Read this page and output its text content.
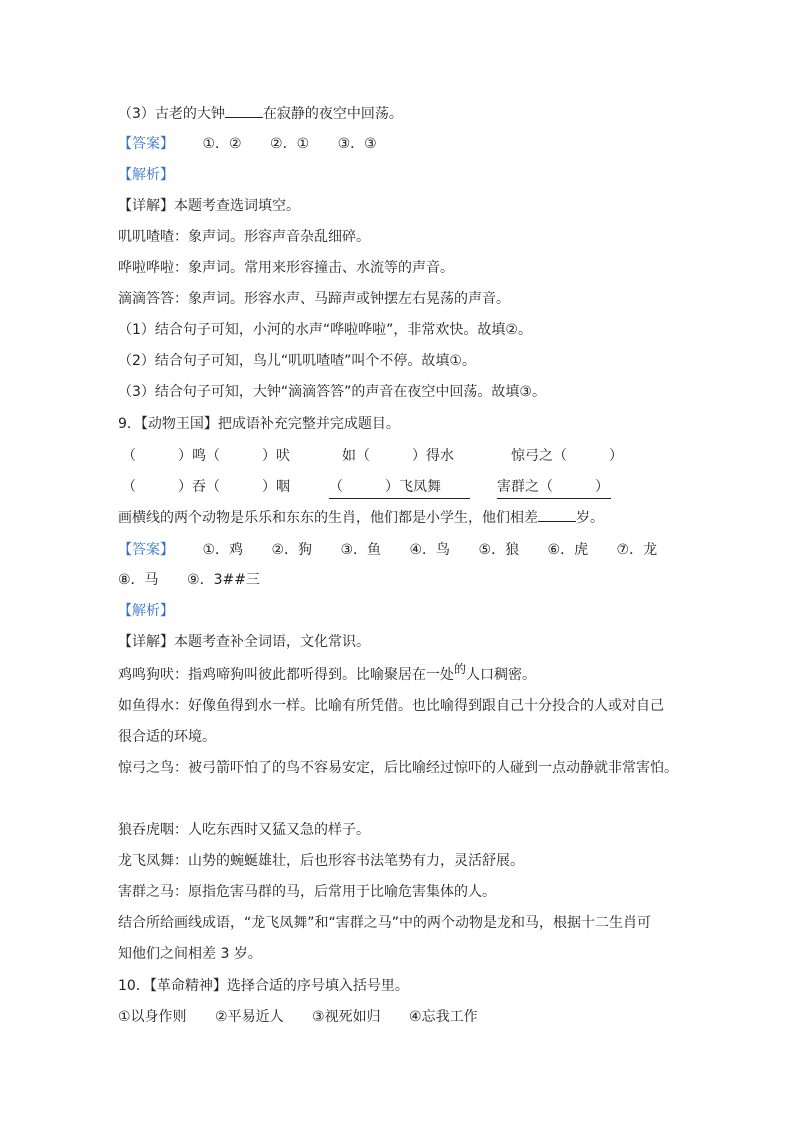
（3）古老的大钟	在寂静的夜空中回荡。
【答案】 ①．② ②．① ③．③
【解析】
【详解】本题考查选词填空。
叽叽喳喳：象声词。形容声音杂乱细碎。
哗啦哗啦：象声词。常用来形容撞击、水流等的声音。
滴滴答答：象声词。形容水声、马蹄声或钟摆左右晃荡的声音。
（1）结合句子可知，小河的水声“哗啦哗啦”，非常欢快。故填②。
（2）结合句子可知，鸟儿“叽叽喳喳”叫个不停。故填①。
（3）结合句子可知，大钟“滴滴答答”的声音在夜空中回荡。故填③。
9．【动物王国】把成语补充完整并完成题目。
（　　　）鸣（　　　）吠	如（　　　）得水	惊弓之（　　　）
（　　　）吞（　　　）咽	（　　　）飞凤舞	害群之（　　　）
画横线的两个动物是乐乐和东东的生肖，他们都是小学生，他们相差	岁。
【答案】 ①．鸡 ②．狗 ③．鱼 ④．鸟 ⑤．狼 ⑥．虎 ⑦．龙
⑧．马 ⑨．3##三
【解析】
【详解】本题考查补全词语，文化常识。
鸡鸣狗吠：指鸡啼狗叫彼此都听得到。比喻聚居在一处的人口稠密。
如鱼得水：好像鱼得到水一样。比喻有所凭借。也比喻得到跟自己十分投合的人或对自己
很合适的环境。
惊弓之鸟：被弓箭吓怕了的鸟不容易安定，后比喻经过惊吓的人碰到一点动静就非常害怕。
狼吞虎咽：人吃东西时又猛又急的样子。
龙飞凤舞：山势的蜿蜒雄壮，后也形容书法笔势有力，灵活舒展。
害群之马：原指危害马群的马，后常用于比喻危害集体的人。
结合所给画线成语，“龙飞凤舞”和“害群之马”中的两个动物是龙和马，根据十二生肖可
知他们之间相差 3 岁。
10．【革命精神】选择合适的序号填入括号里。
①以身作则 ②平易近人 ③视死如归 ④忘我工作
